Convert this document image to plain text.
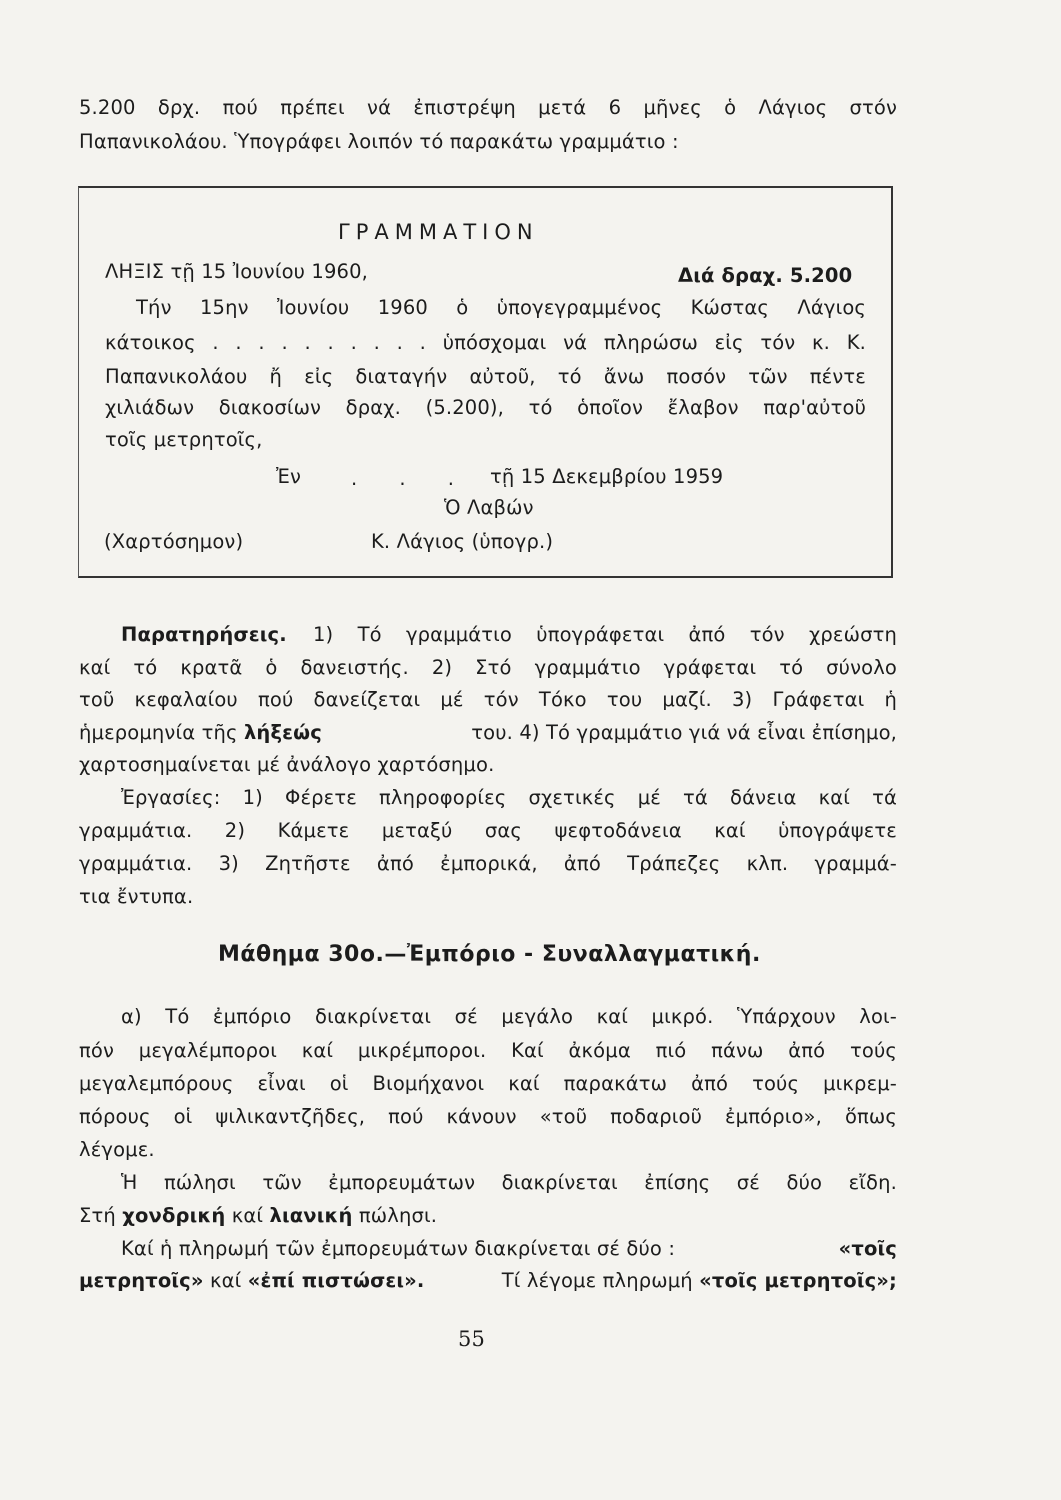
5.200 δρχ. πού πρέπει νά ἐπιστρέψη μετά 6 μῆνες ὁ Λάγιος στόν
Παπανικολάου. Ὑπογράφει λοιπόν τό παρακάτω γραμμάτιο :
ΓΡΑΜΜΑΤΙΟΝ
ΛΗΞΙΣ τῇ 15 Ἰουνίου 1960,	Διά δραχ. 5.200
Τήν 15ην Ἰουνίου 1960 ὁ ὑπογεγραμμένος Κώστας Λάγιος
κάτοικος . . . . . . . . . . ὑπόσχομαι νά πληρώσω εἰς τόν κ. Κ.
Παπανικολάου ἤ εἰς διαταγήν αὐτοῦ, τό ἄνω ποσόν τῶν πέντε
χιλιάδων διακοσίων δραχ. (5.200), τό ὁποῖον ἔλαβον παρ'αὐτοῦ
τοῖς μετρητοῖς,
Ἐν	. . . τῇ 15 Δεκεμβρίου 1959
Ὁ Λαβών
(Χαρτόσημον)	Κ. Λάγιος (ὑπογρ.)
Παρατηρήσεις. 1) Τό γραμμάτιο ὑπογράφεται ἀπό τόν χρεώστη
καί τό κρατᾶ ὁ δανειστής. 2) Στό γραμμάτιο γράφεται τό σύνολο
τοῦ κεφαλαίου πού δανείζεται μέ τόν Τόκο του μαζί. 3) Γράφεται ἡ
ἡμερομηνία τῆς λήξεώς	του. 4) Τό γραμμάτιο γιά νά εἶναι ἐπίσημο,
χαρτοσημαίνεται μέ ἀνάλογο χαρτόσημο.
Ἐργασίες: 1) Φέρετε πληροφορίες σχετικές μέ τά δάνεια καί τά
γραμμάτια. 2) Κάμετε μεταξύ σας ψεφτοδάνεια καί ὑπογράψετε
γραμμάτια. 3) Ζητῆστε ἀπό ἐμπορικά, ἀπό Τράπεζες κλπ. γραμμά-
τια ἔντυπα.
Μάθημα 30ο.—Ἐμπόριο - Συναλλαγματική.
α) Τό ἐμπόριο διακρίνεται σέ μεγάλο καί μικρό. Ὑπάρχουν λοι-
πόν μεγαλέμποροι καί μικρέμποροι. Καί ἀκόμα πιό πάνω ἀπό τούς
μεγαλεμπόρους εἶναι οἱ Βιομήχανοι καί παρακάτω ἀπό τούς μικρεμ-
πόρους οἱ ψιλικαντζῆδες, πού κάνουν «τοῦ ποδαριοῦ ἐμπόριο», ὅπως
λέγομε.
Ἡ πώλησι τῶν ἐμπορευμάτων διακρίνεται ἐπίσης σέ δύο εἴδη.
Στή χονδρική καί λιανική πώλησι.
Καί ἡ πληρωμή τῶν ἐμπορευμάτων διακρίνεται σέ δύο :	«τοῖς
μετρητοῖς» καί «ἐπί πιστώσει».	Τί λέγομε πληρωμή «τοῖς μετρητοῖς»;
55
